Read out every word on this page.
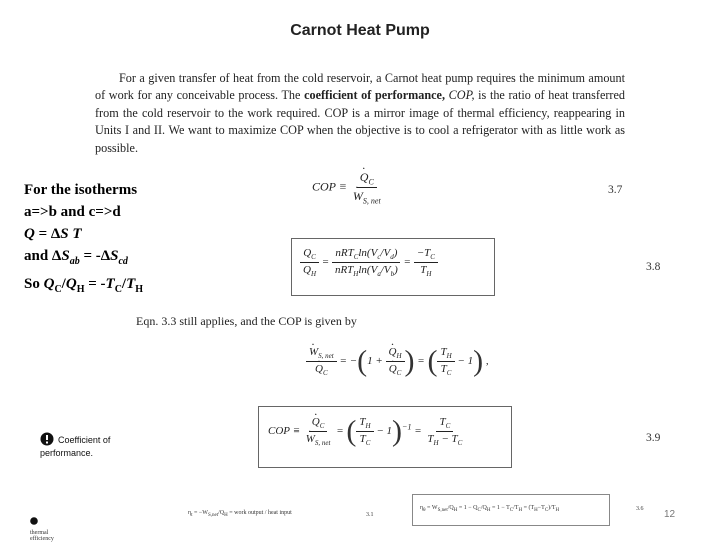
Carnot Heat Pump
For a given transfer of heat from the cold reservoir, a Carnot heat pump requires the minimum amount of work for any conceivable process. The coefficient of performance, COP, is the ratio of heat transferred from the cold reservoir to the work required. COP is a mirror image of thermal efficiency, reappearing in Units I and II. We want to maximize COP when the objective is to cool a refrigerator with as little work as possible.
For the isotherms
a=>b and c=>d
Q = ΔS T
and $\Delta S_{ab} = -\Delta S_{cd}$
So $Q_C/Q_H = -T_C/T_H$
COP ≡ · $Q_C$
· $W_{S, net}$	3.7
$\frac{Q_C}{Q_H} = \frac{nRT_C\ln(V_c/V_d)}{nRT_H\ln(V_a/V_b)} = \frac{-T_C}{T_H}$	3.8
Eqn. 3.3 still applies, and the COP is given by
· $W_{S, net}$
· $Q_C = -(1$ + · $Q_H$
· $Q_C$ ) = ( $\frac{T_H}{T_C} - 1$) ,
COP ≡ · $Q_C$
· $W_{S, net}$ = ( $\frac{T_H}{T_C} - 1)^{-1} = \frac{T_C}{T_H - T_C}$	3.9
Coefficient of
performance.
thermal efficiency
$\eta_t = -W_{S,net}/Q_H$ = work output / heat input	3.1
$\eta_\theta = W_{S,net}/Q_H = 1 - Q_C/Q_H = 1 - T_C/T_H = (T_H-T_C)/T_H$	3.6 12
